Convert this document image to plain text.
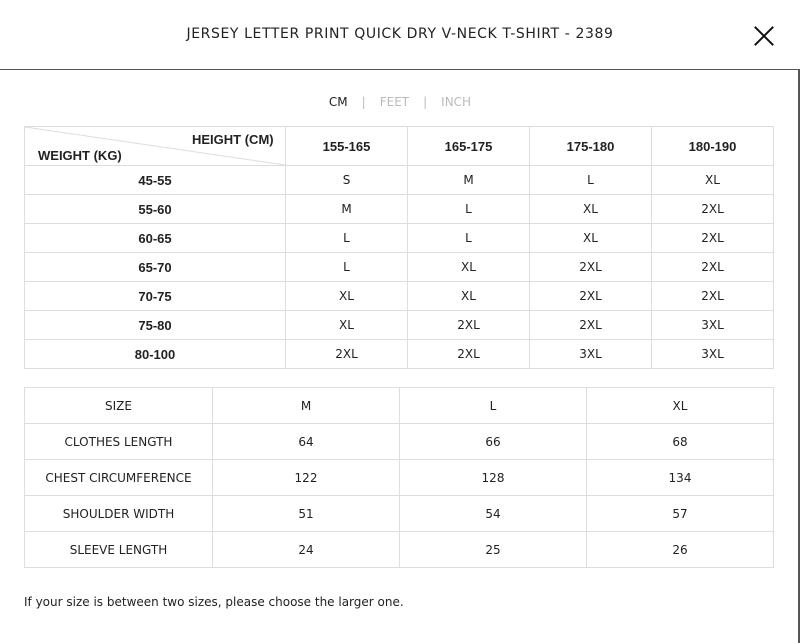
JERSEY LETTER PRINT QUICK DRY V-NECK T-SHIRT - 2389
CM | FEET | INCH
HEIGHT (CM)
WEIGHT (KG)	155-165	165-175	175-180	180-190
45-55	S	M	L	XL
55-60	M	L	XL	2XL
60-65	L	L	XL	2XL
65-70	L	XL	2XL	2XL
70-75	XL	XL	2XL	2XL
75-80	XL	2XL	2XL	3XL
80-100	2XL	2XL	3XL	3XL
SIZE	M	L	XL
CLOTHES LENGTH	64	66	68
CHEST CIRCUMFERENCE	122	128	134
SHOULDER WIDTH	51	54	57
SLEEVE LENGTH	24	25	26
If your size is between two sizes, please choose the larger one.
